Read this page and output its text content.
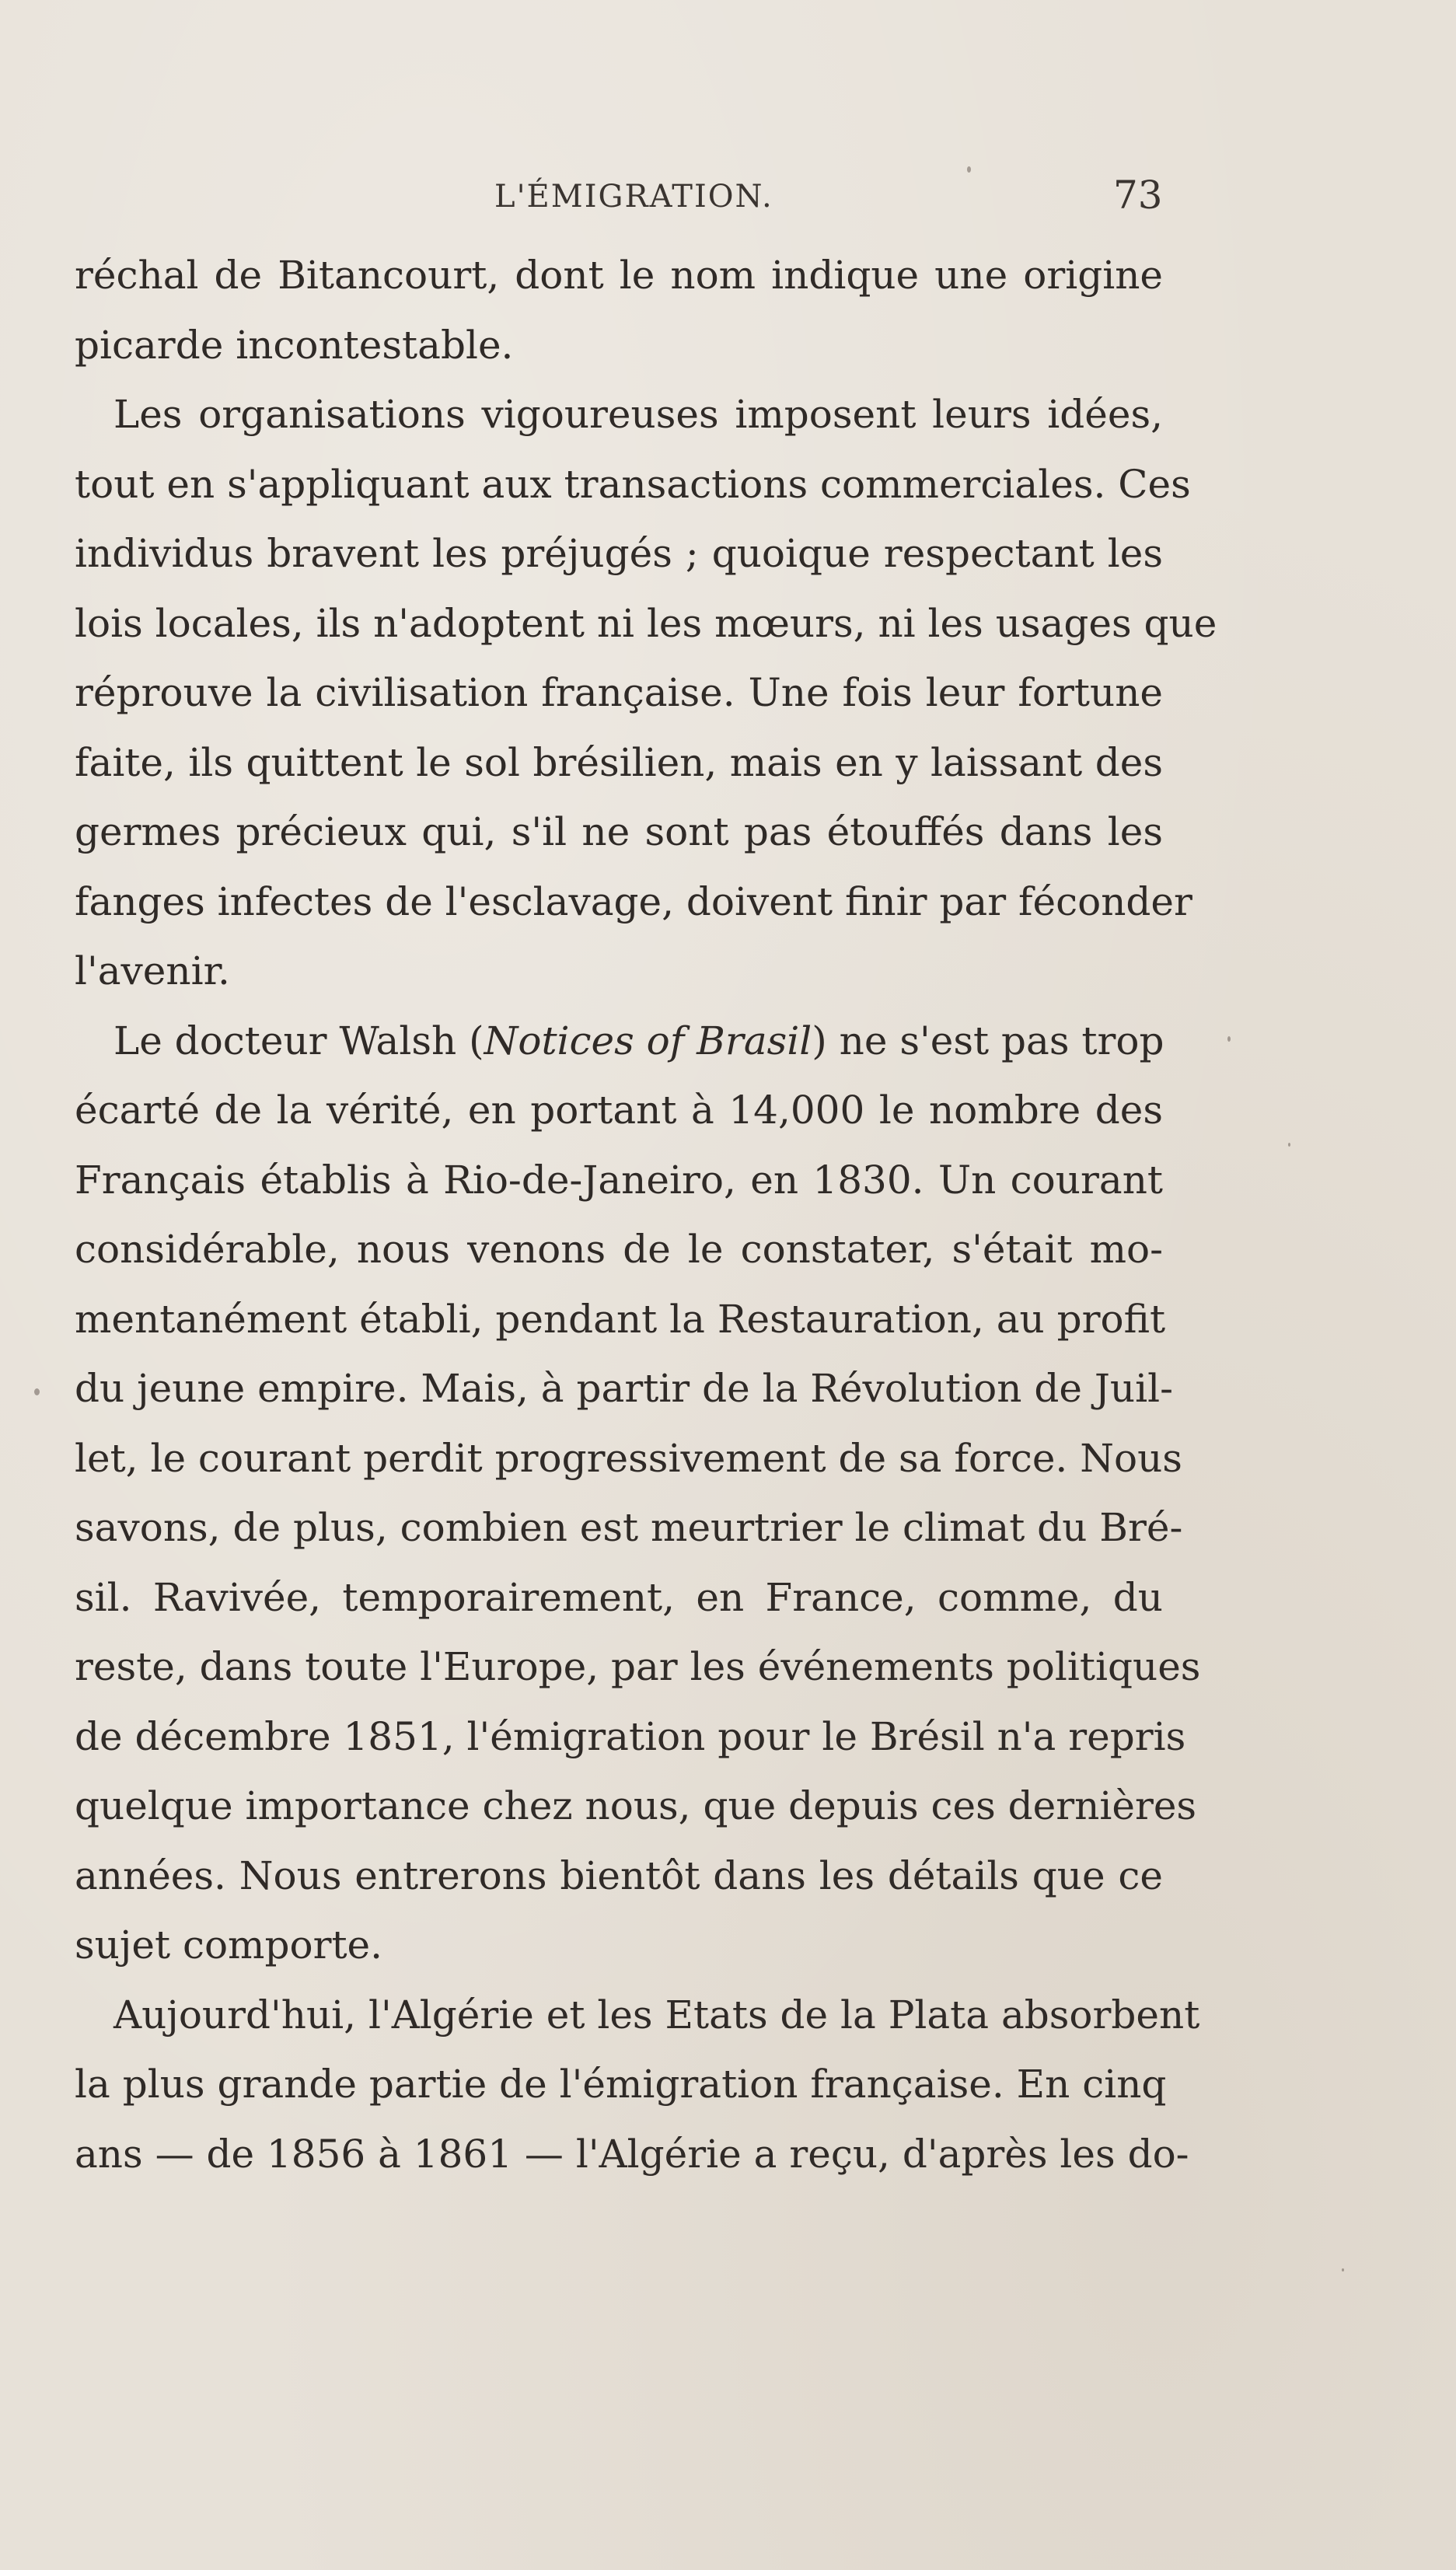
L'ÉMIGRATION.	73
réchal de Bitancourt, dont le nom indique une origine
picarde incontestable.
Les organisations vigoureuses imposent leurs idées,
tout en s'appliquant aux transactions commerciales. Ces
individus bravent les préjugés ; quoique respectant les
lois locales, ils n'adoptent ni les mœurs, ni les usages que
réprouve la civilisation française. Une fois leur fortune
faite, ils quittent le sol brésilien, mais en y laissant des
germes précieux qui, s'il ne sont pas étouffés dans les
fanges infectes de l'esclavage, doivent finir par féconder
l'avenir.
Le docteur Walsh (Notices of Brasil) ne s'est pas trop
écarté de la vérité, en portant à 14,000 le nombre des
Français établis à Rio-de-Janeiro, en 1830. Un courant
considérable, nous venons de le constater, s'était mo-
mentanément établi, pendant la Restauration, au profit
du jeune empire. Mais, à partir de la Révolution de Juil-
let, le courant perdit progressivement de sa force. Nous
savons, de plus, combien est meurtrier le climat du Bré-
sil. Ravivée, temporairement, en France, comme, du
reste, dans toute l'Europe, par les événements politiques
de décembre 1851, l'émigration pour le Brésil n'a repris
quelque importance chez nous, que depuis ces dernières
années. Nous entrerons bientôt dans les détails que ce
sujet comporte.
Aujourd'hui, l'Algérie et les Etats de la Plata absorbent
la plus grande partie de l'émigration française. En cinq
ans — de 1856 à 1861 — l'Algérie a reçu, d'après les do-
